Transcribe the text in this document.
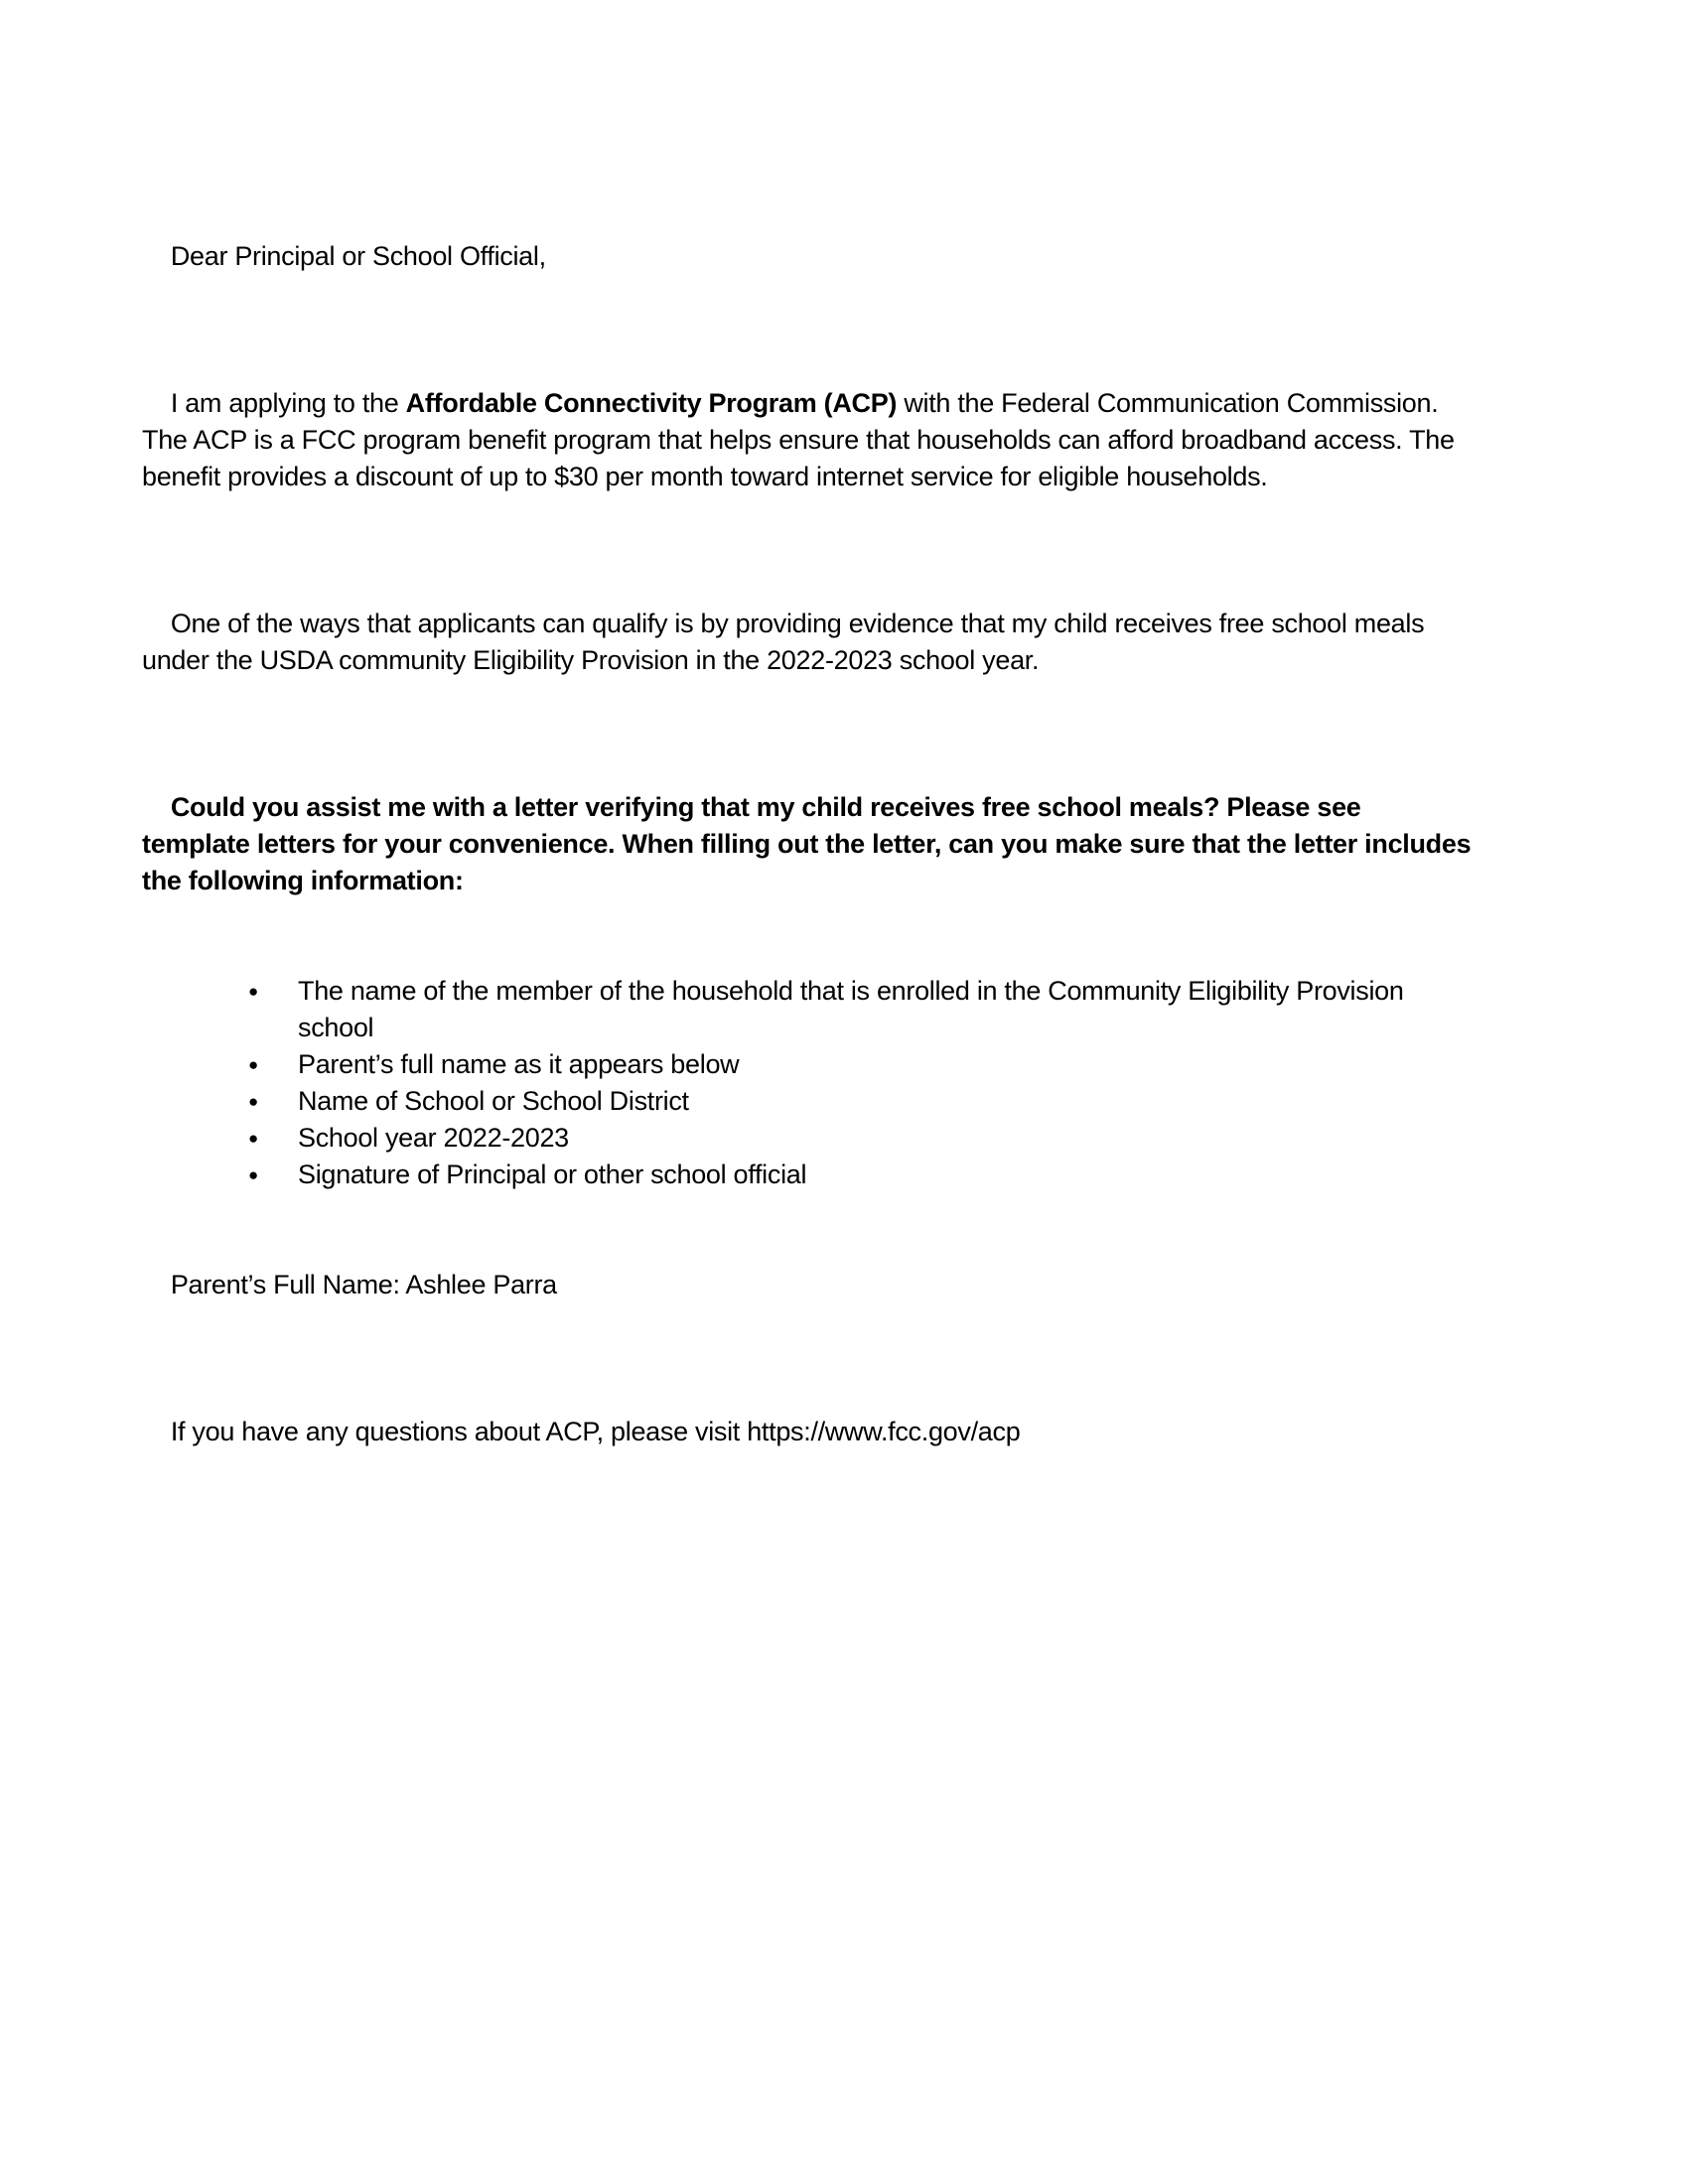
Dear Principal or School Official,

I am applying to the Affordable Connectivity Program (ACP) with the Federal Communication Commission.  The ACP is a FCC program benefit program that helps ensure that households can afford broadband access. The benefit provides a discount of up to $30 per month toward internet service for eligible households.

One of the ways that applicants can qualify is by providing evidence that my child receives free school meals under the USDA community Eligibility Provision in the 2022-2023 school year.

Could you assist me with a letter verifying that my child receives free school meals? Please see template letters for your convenience. When filling out the letter, can you make sure that the letter includes the following information:

●	The name of the member of the household that is enrolled in the Community Eligibility Provision school
●	Parent’s full name as it appears below
●	Name of School or School District
●	School year 2022-2023
●	Signature of Principal or other school official

Parent’s Full Name: Ashlee Parra

If you have any questions about ACP, please visit https://www.fcc.gov/acp
